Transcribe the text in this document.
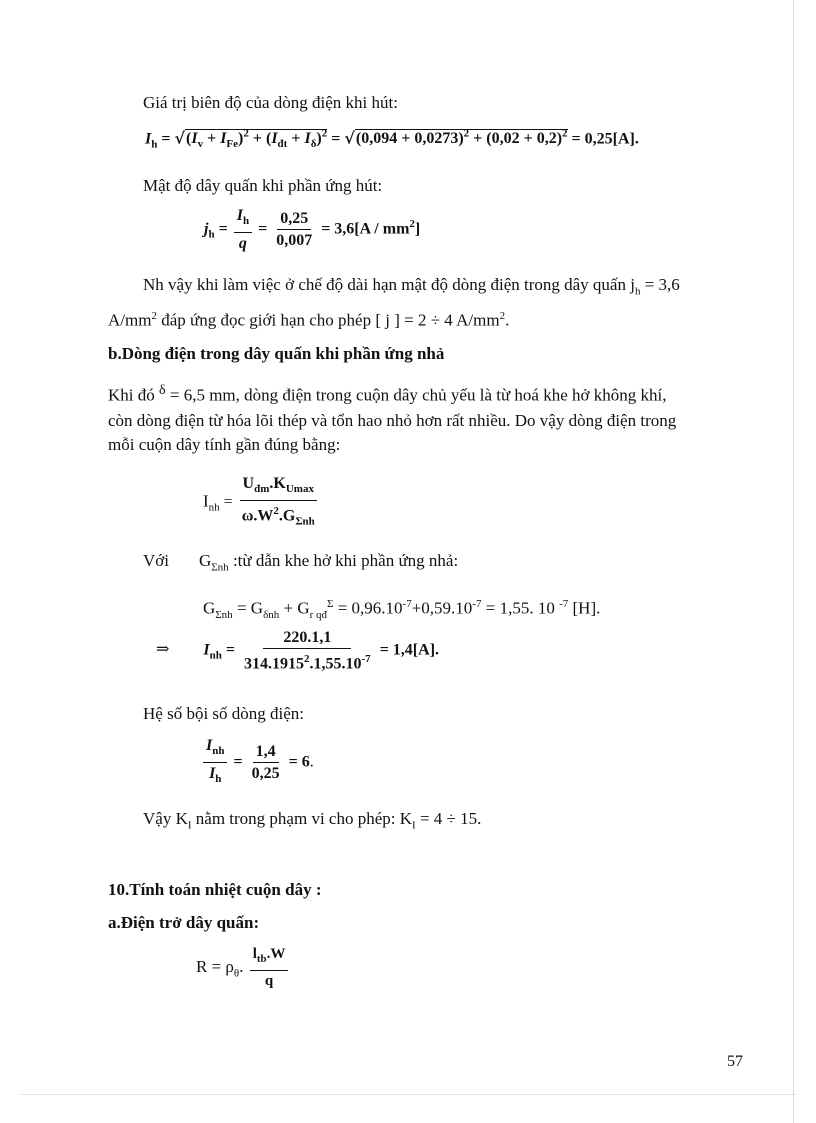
Giá trị biên độ của dòng điện khi hút:
$I_h = √(I_v + I_{Fe})^2 + (I_{đt} + I_\delta)^2 = √(0,094 + 0,0273)^2 + (0,02 + 0,2)^2 = 0,25[A]$.
Mật độ dây quấn khi phần ứng hút:
$j_h = \frac{I_h}{q} = \frac{0,25}{0,007} = 3,6[A / mm^2]$
Nh vậy khi làm việc ở chế độ dài hạn mật độ dòng điện trong dây quấn $j_h = 3,6$
$A/mm^2$ đáp ứng đọc giới hạn cho phép [ j ] = 2 ÷ 4 $A/mm^2$.
b.Dòng điện trong dây quấn khi phần ứng nhả
Khi đó $^\delta$ = 6,5 mm, dòng điện trong cuộn dây chủ yếu là từ hoá khe hở không khí,
còn dòng điện từ hóa lõi thép và tổn hao nhỏ hơn rất nhiều. Do vậy dòng điện trong
mỗi cuộn dây tính gần đúng bằng:
$I_{nh} = \frac{U_{đm}.K_{Umax}}{\omega.W^2.G_{\Sigma nh}}$
Với $G_{\Sigma nh}$ :từ dẫn khe hở khi phần ứng nhả:
$G_{\Sigma nh} = G_{\delta nh} + G_{r qđ}^\Sigma = 0,96.10^{-7}+0,59.10^{-7} = 1,55$. 10 $^{-7}$ [H].
⇒ $I_{nh} = \frac{220.1,1}{314.1915^2.1,55.10^{-7}} = 1,4[A]$.
Hệ số bội số dòng điện:
$\frac{I_{nh}}{I_h} = \frac{1,4}{0,25} = 6$.
Vậy $K_I$ nằm trong phạm vi cho phép: $K_I = 4 \div 15$.
10.Tính toán nhiệt cuộn dây :
a.Điện trở dây quấn:
$R = \rho_\theta$. $\frac{l_{tb}.W}{q}$
57
